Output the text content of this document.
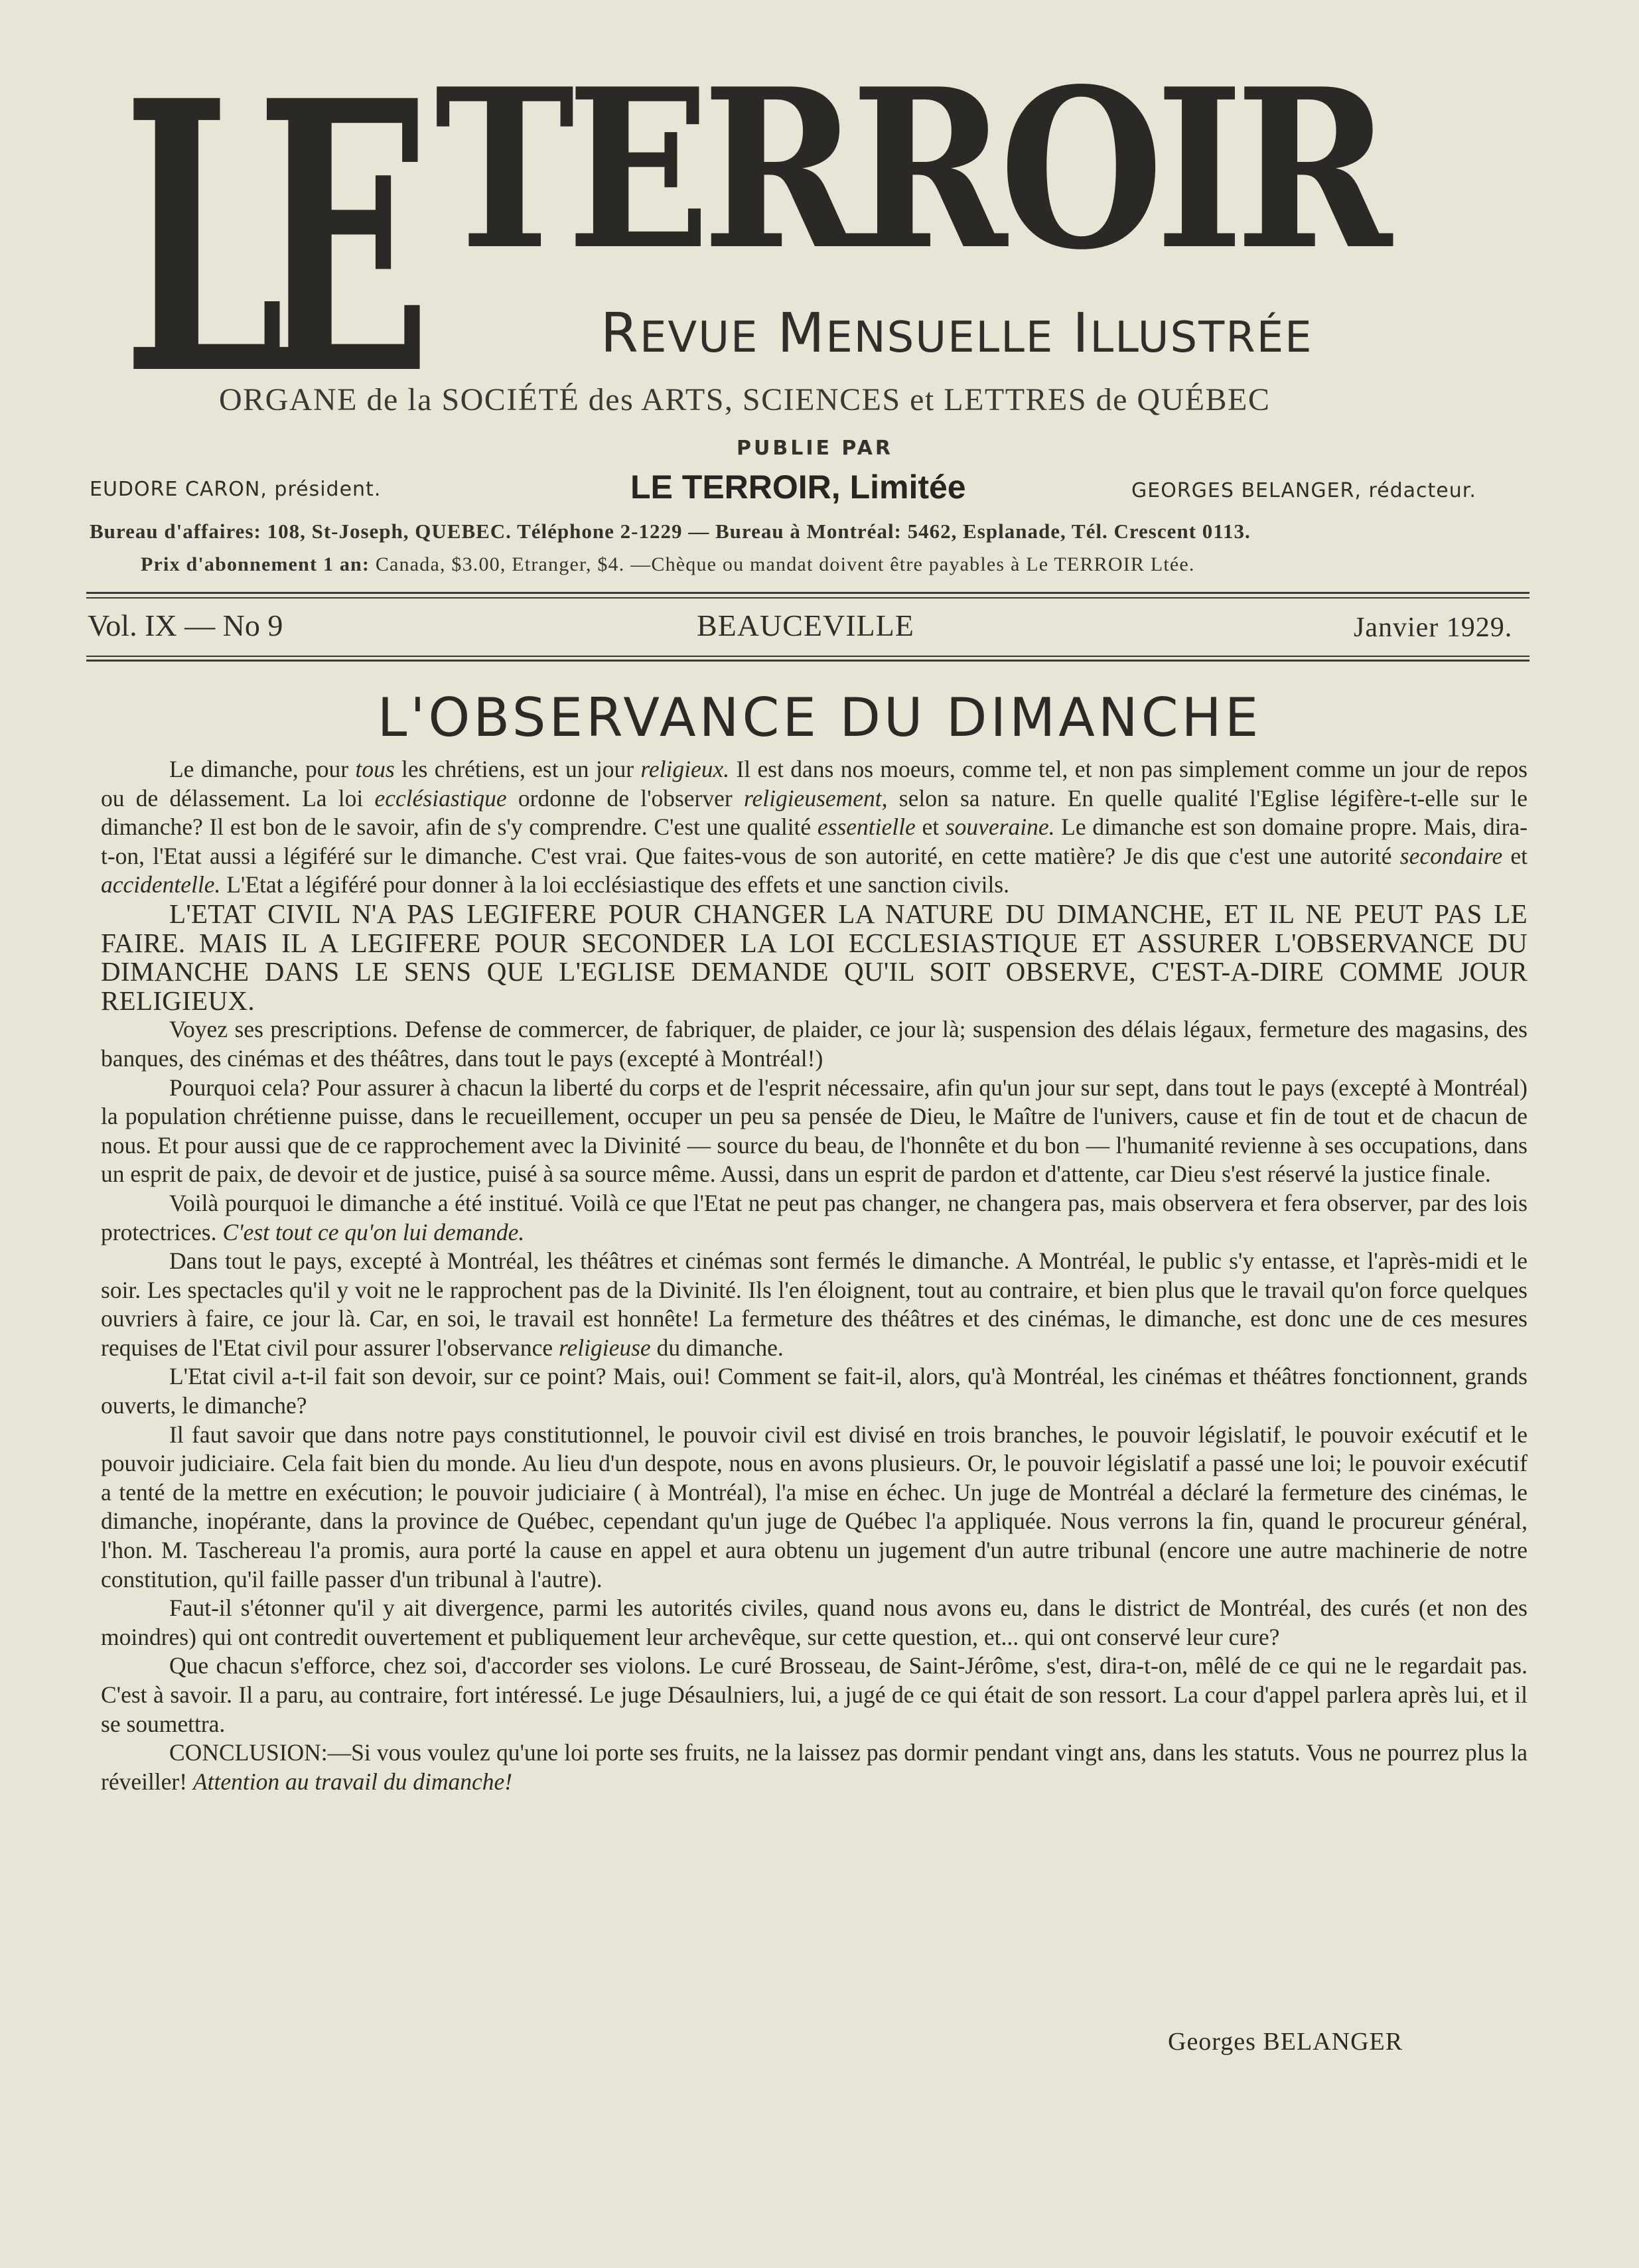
LE TERROIR
REVUE MENSUELLE ILLUSTRÉE
ORGANE de la SOCIÉTÉ des ARTS, SCIENCES et LETTRES de QUÉBEC
PUBLIE PAR
EUDORE CARON, président.	LE TERROIR, Limitée	GEORGES BELANGER, rédacteur.
Bureau d'affaires: 108, St-Joseph, QUEBEC. Téléphone 2-1229 — Bureau à Montréal: 5462, Esplanade, Tél. Crescent 0113.
Prix d'abonnement 1 an: Canada, $3.00, Etranger, $4. —Chèque ou mandat doivent être payables à Le TERROIR Ltée.
Vol. IX — No 9	BEAUCEVILLE	Janvier 1929.
L'OBSERVANCE DU DIMANCHE

Le dimanche, pour tous les chrétiens, est un jour religieux. Il est dans nos moeurs, comme tel, et non pas simplement comme un jour de repos ou de délassement. La loi ecclésiastique ordonne de l'observer religieusement, selon sa nature. En quelle qualité l'Eglise légifère-t-elle sur le dimanche? Il est bon de le savoir, afin de s'y comprendre. C'est une qualité essentielle et souveraine. Le dimanche est son domaine propre. Mais, dira-t-on, l'Etat aussi a légiféré sur le dimanche. C'est vrai. Que faites-vous de son autorité, en cette matière? Je dis que c'est une autorité secondaire et accidentelle. L'Etat a légiféré pour donner à la loi ecclésiastique des effets et une sanction civils.

L'ETAT CIVIL N'A PAS LEGIFERE POUR CHANGER LA NATURE DU DIMANCHE, ET IL NE PEUT PAS LE FAIRE. MAIS IL A LEGIFERE POUR SECONDER LA LOI ECCLESIASTIQUE ET ASSURER L'OBSERVANCE DU DIMANCHE DANS LE SENS QUE L'EGLISE DEMANDE QU'IL SOIT OBSERVE, C'EST-A-DIRE COMME JOUR RELIGIEUX.

Voyez ses prescriptions. Defense de commercer, de fabriquer, de plaider, ce jour là; suspension des délais légaux, fermeture des magasins, des banques, des cinémas et des théâtres, dans tout le pays (excepté à Montréal!)

Pourquoi cela? Pour assurer à chacun la liberté du corps et de l'esprit nécessaire, afin qu'un jour sur sept, dans tout le pays (excepté à Montréal) la population chrétienne puisse, dans le recueillement, occuper un peu sa pensée de Dieu, le Maître de l'univers, cause et fin de tout et de chacun de nous. Et pour aussi que de ce rapprochement avec la Divinité — source du beau, de l'honnête et du bon — l'humanité revienne à ses occupations, dans un esprit de paix, de devoir et de justice, puisé à sa source même. Aussi, dans un esprit de pardon et d'attente, car Dieu s'est réservé la justice finale.

Voilà pourquoi le dimanche a été institué. Voilà ce que l'Etat ne peut pas changer, ne changera pas, mais observera et fera observer, par des lois protectrices. C'est tout ce qu'on lui demande.

Dans tout le pays, excepté à Montréal, les théâtres et cinémas sont fermés le dimanche. A Montréal, le public s'y entasse, et l'après-midi et le soir. Les spectacles qu'il y voit ne le rapprochent pas de la Divinité. Ils l'en éloignent, tout au contraire, et bien plus que le travail qu'on force quelques ouvriers à faire, ce jour là. Car, en soi, le travail est honnête! La fermeture des théâtres et des cinémas, le dimanche, est donc une de ces mesures requises de l'Etat civil pour assurer l'observance religieuse du dimanche.

L'Etat civil a-t-il fait son devoir, sur ce point? Mais, oui! Comment se fait-il, alors, qu'à Montréal, les cinémas et théâtres fonctionnent, grands ouverts, le dimanche?

Il faut savoir que dans notre pays constitutionnel, le pouvoir civil est divisé en trois branches, le pouvoir législatif, le pouvoir exécutif et le pouvoir judiciaire. Cela fait bien du monde. Au lieu d'un despote, nous en avons plusieurs. Or, le pouvoir législatif a passé une loi; le pouvoir exécutif a tenté de la mettre en exécution; le pouvoir judiciaire ( à Montréal), l'a mise en échec. Un juge de Montréal a déclaré la fermeture des cinémas, le dimanche, inopérante, dans la province de Québec, cependant qu'un juge de Québec l'a appliquée. Nous verrons la fin, quand le procureur général, l'hon. M. Taschereau l'a promis, aura porté la cause en appel et aura obtenu un jugement d'un autre tribunal (encore une autre machinerie de notre constitution, qu'il faille passer d'un tribunal à l'autre).

Faut-il s'étonner qu'il y ait divergence, parmi les autorités civiles, quand nous avons eu, dans le district de Montréal, des curés (et non des moindres) qui ont contredit ouvertement et publiquement leur archevêque, sur cette question, et... qui ont conservé leur cure?

Que chacun s'efforce, chez soi, d'accorder ses violons. Le curé Brosseau, de Saint-Jérôme, s'est, dira-t-on, mêlé de ce qui ne le regardait pas. C'est à savoir. Il a paru, au contraire, fort intéressé. Le juge Désaulniers, lui, a jugé de ce qui était de son ressort. La cour d'appel parlera après lui, et il se soumettra.

CONCLUSION:—Si vous voulez qu'une loi porte ses fruits, ne la laissez pas dormir pendant vingt ans, dans les statuts. Vous ne pourrez plus la réveiller! Attention au travail du dimanche!

Georges BELANGER
